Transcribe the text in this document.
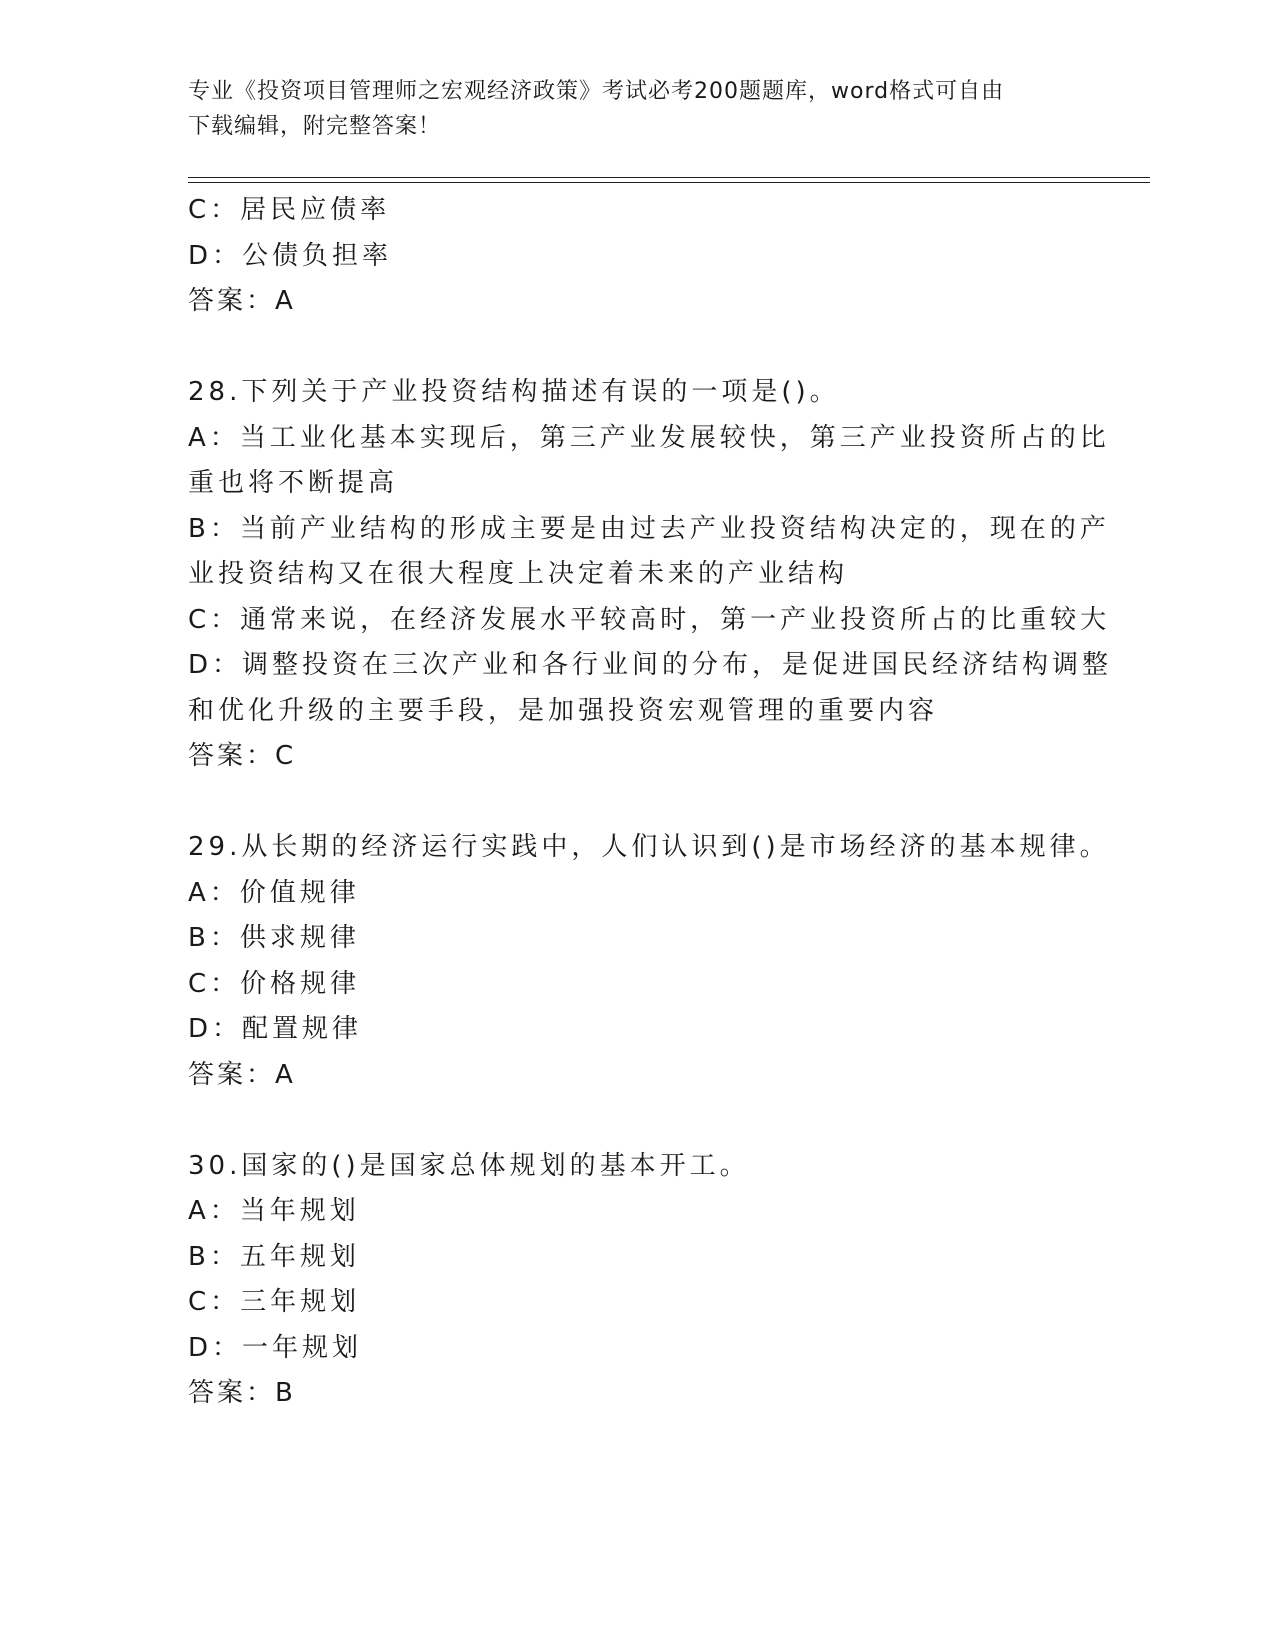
专业《投资项目管理师之宏观经济政策》考试必考200题题库，word格式可自由
下载编辑，附完整答案！
C：居民应债率
D：公债负担率
答案：A
28.下列关于产业投资结构描述有误的一项是()。
A：当工业化基本实现后，第三产业发展较快，第三产业投资所占的比
重也将不断提高
B：当前产业结构的形成主要是由过去产业投资结构决定的，现在的产
业投资结构又在很大程度上决定着未来的产业结构
C：通常来说，在经济发展水平较高时，第一产业投资所占的比重较大
D：调整投资在三次产业和各行业间的分布，是促进国民经济结构调整
和优化升级的主要手段，是加强投资宏观管理的重要内容
答案：C
29.从长期的经济运行实践中，人们认识到()是市场经济的基本规律。
A：价值规律
B：供求规律
C：价格规律
D：配置规律
答案：A
30.国家的()是国家总体规划的基本开工。
A：当年规划
B：五年规划
C：三年规划
D：一年规划
答案：B
